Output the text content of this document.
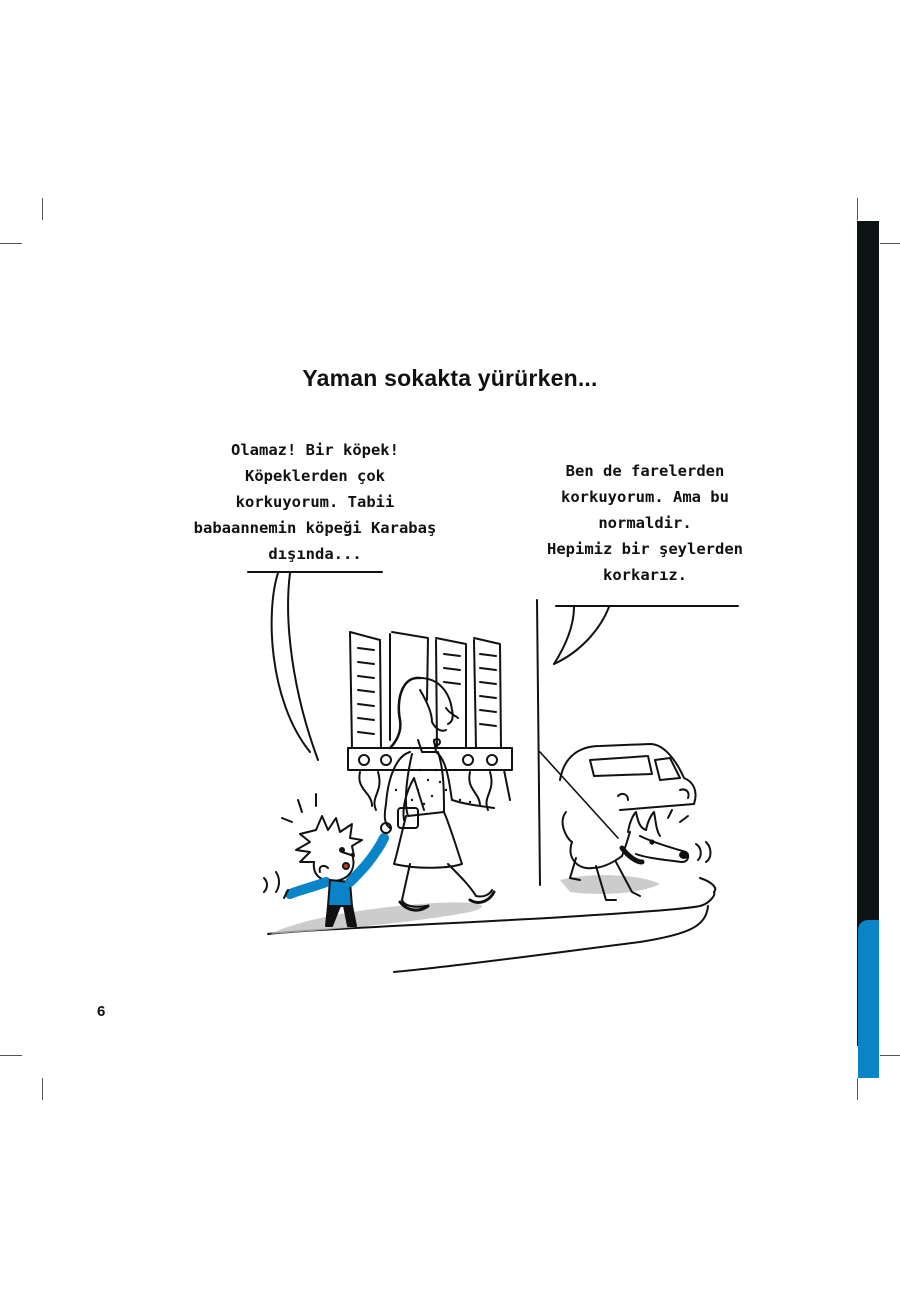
Yaman sokakta yürürken...
Olamaz! Bir köpek!
Köpeklerden çok
korkuyorum. Tabii
babaannemin köpeği Karabaş
dışında...
Ben de farelerden
korkuyorum. Ama bu
normaldir.
Hepimiz bir şeylerden
korkarız.
6
